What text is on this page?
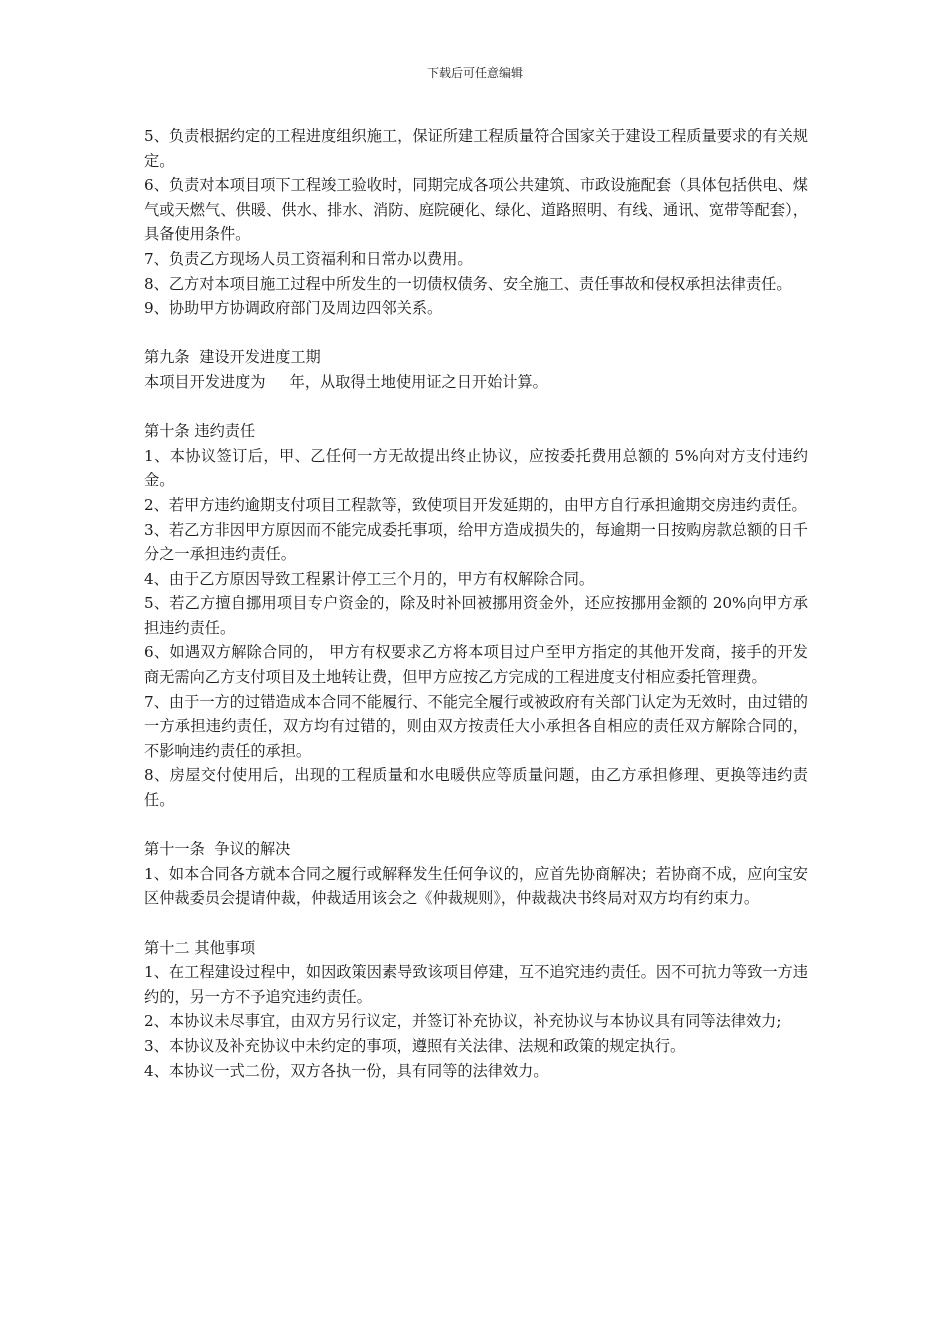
下载后可任意编辑

5、负责根据约定的工程进度组织施工，保证所建工程质量符合国家关于建设工程质量要求的有关规定。

6、负责对本项目项下工程竣工验收时，同期完成各项公共建筑、市政设施配套（具体包括供电、煤气或天燃气、供暖、供水、排水、消防、庭院硬化、绿化、道路照明、有线、通讯、宽带等配套），具备使用条件。

7、负责乙方现场人员工资福利和日常办以费用。

8、乙方对本项目施工过程中所发生的一切债权债务、安全施工、责任事故和侵权承担法律责任。

9、协助甲方协调政府部门及周边四邻关系。

第九条  建设开发进度工期

本项目开发进度为     年，从取得土地使用证之日开始计算。

第十条 违约责任

1、本协议签订后，甲、乙任何一方无故提出终止协议，应按委托费用总额的 5%向对方支付违约金。

2、若甲方违约逾期支付项目工程款等，致使项目开发延期的，由甲方自行承担逾期交房违约责任。

3、若乙方非因甲方原因而不能完成委托事项，给甲方造成损失的，每逾期一日按购房款总额的日千分之一承担违约责任。

4、由于乙方原因导致工程累计停工三个月的，甲方有权解除合同。

5、若乙方擅自挪用项目专户资金的，除及时补回被挪用资金外，还应按挪用金额的 20%向甲方承担违约责任。

6、如遇双方解除合同的， 甲方有权要求乙方将本项目过户至甲方指定的其他开发商，接手的开发商无需向乙方支付项目及土地转让费，但甲方应按乙方完成的工程进度支付相应委托管理费。

7、由于一方的过错造成本合同不能履行、不能完全履行或被政府有关部门认定为无效时，由过错的一方承担违约责任，双方均有过错的，则由双方按责任大小承担各自相应的责任双方解除合同的，不影响违约责任的承担。

8、房屋交付使用后，出现的工程质量和水电暖供应等质量问题，由乙方承担修理、更换等违约责任。

第十一条  争议的解决

1、如本合同各方就本合同之履行或解释发生任何争议的，应首先协商解决；若协商不成，应向宝安区仲裁委员会提请仲裁，仲裁适用该会之《仲裁规则》，仲裁裁决书终局对双方均有约束力。

第十二 其他事项

1、在工程建设过程中，如因政策因素导致该项目停建，互不追究违约责任。因不可抗力等致一方违约的，另一方不予追究违约责任。

2、本协议未尽事宜，由双方另行议定，并签订补充协议，补充协议与本协议具有同等法律效力;

3、本协议及补充协议中未约定的事项，遵照有关法律、法规和政策的规定执行。

4、本协议一式二份，双方各执一份，具有同等的法律效力。
